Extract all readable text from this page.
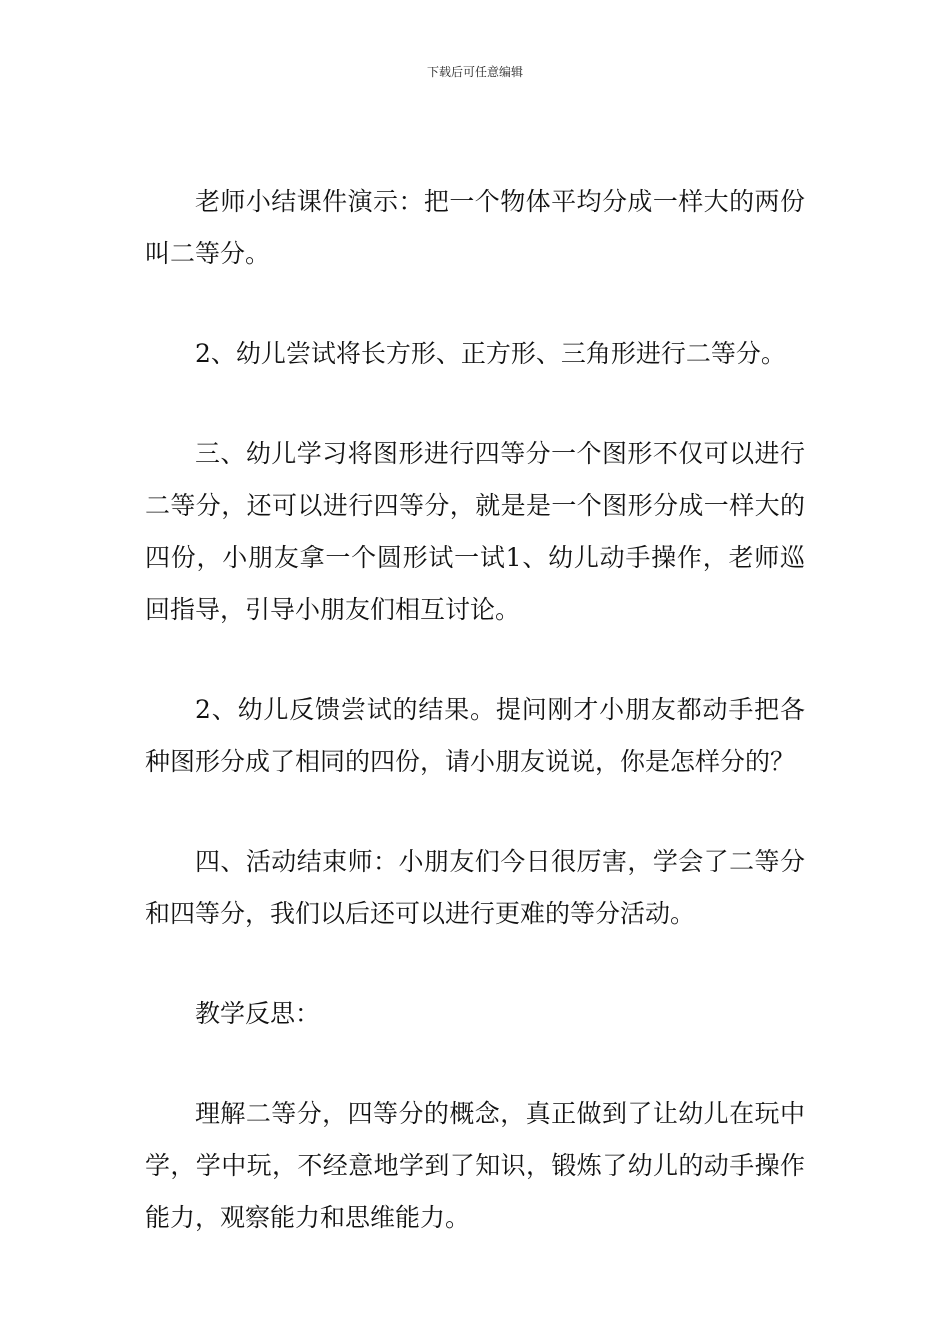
下载后可任意编辑

老师小结课件演示：把一个物体平均分成一样大的两份叫二等分。

2、幼儿尝试将长方形、正方形、三角形进行二等分。

三、幼儿学习将图形进行四等分一个图形不仅可以进行二等分，还可以进行四等分，就是是一个图形分成一样大的四份，小朋友拿一个圆形试一试1、幼儿动手操作，老师巡回指导，引导小朋友们相互讨论。

2、幼儿反馈尝试的结果。提问刚才小朋友都动手把各种图形分成了相同的四份，请小朋友说说，你是怎样分的？

四、活动结束师：小朋友们今日很厉害，学会了二等分和四等分，我们以后还可以进行更难的等分活动。

教学反思：

理解二等分，四等分的概念，真正做到了让幼儿在玩中学，学中玩，不经意地学到了知识，锻炼了幼儿的动手操作能力，观察能力和思维能力。
